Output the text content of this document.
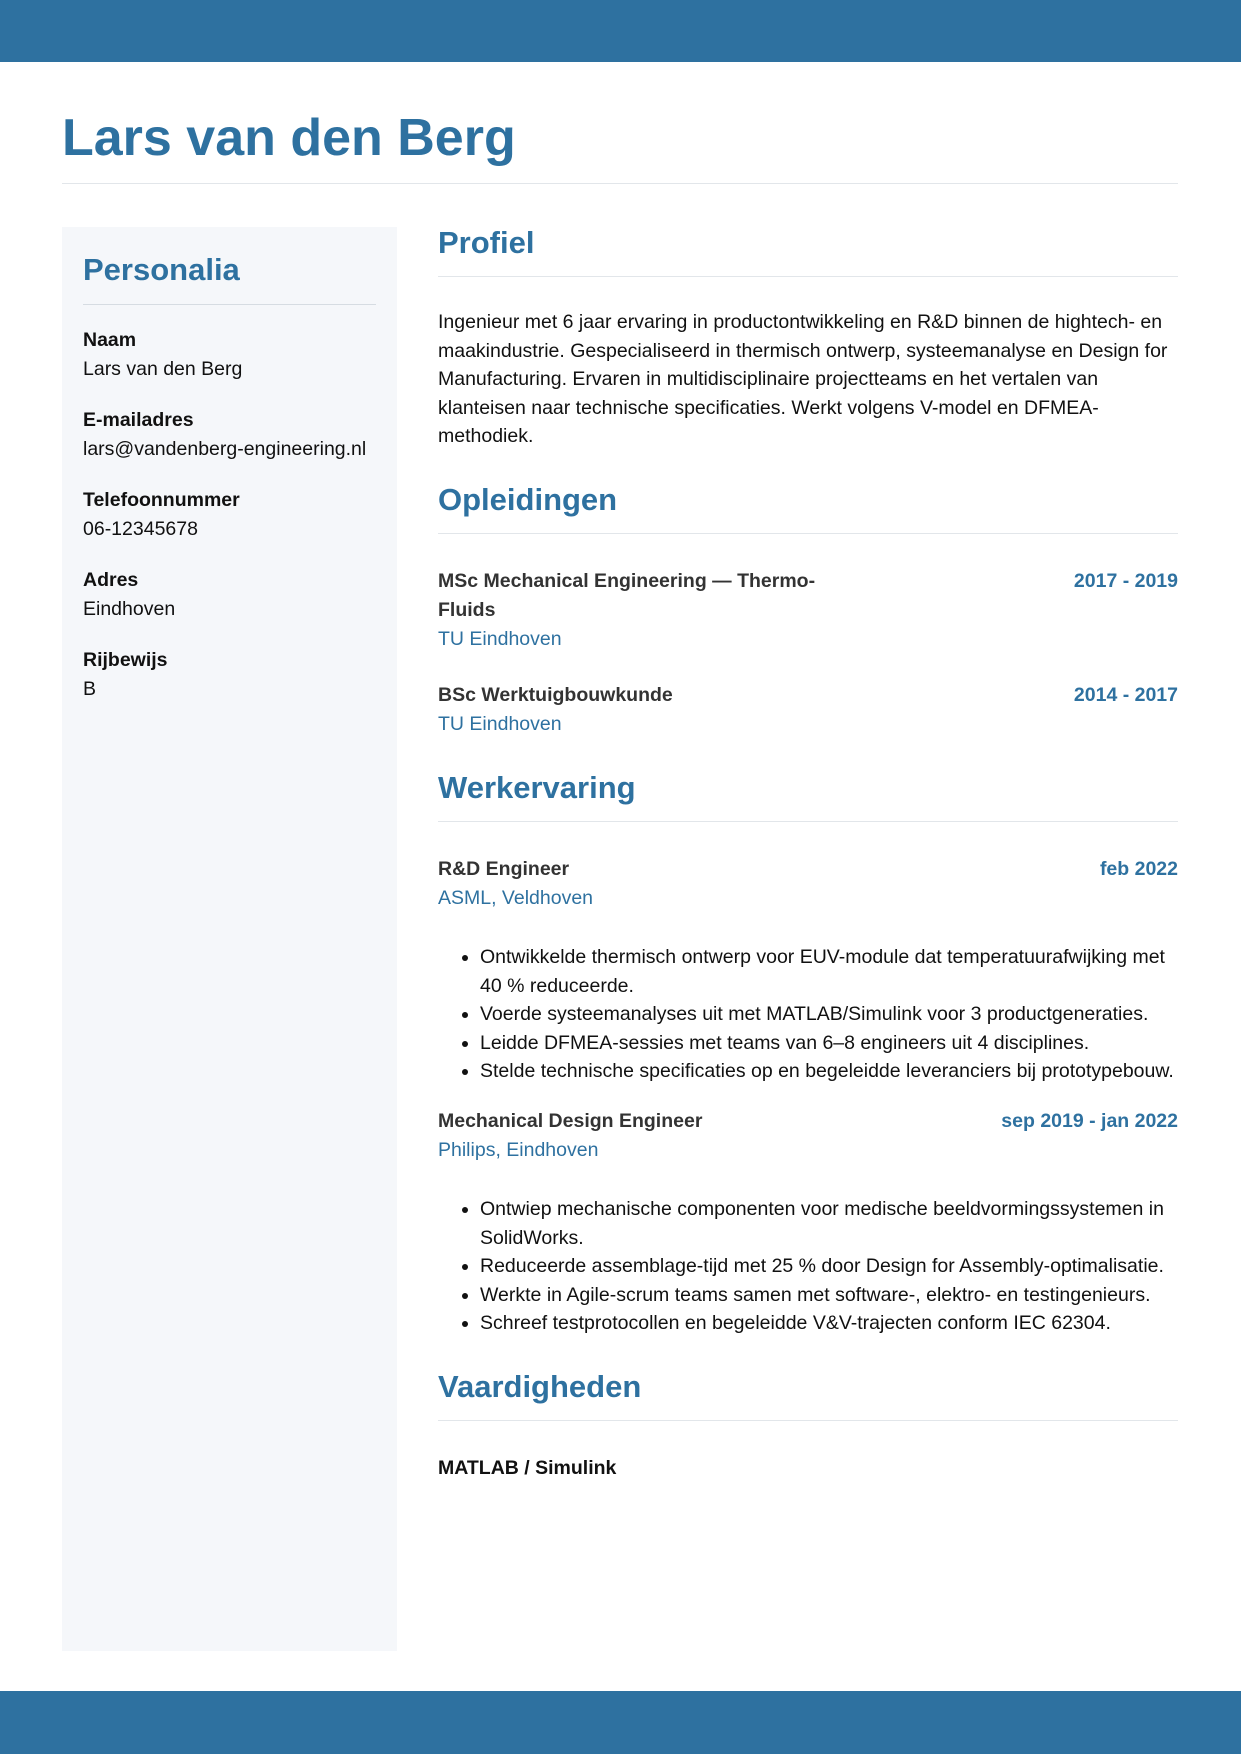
Lars van den Berg
Personalia
Naam
Lars van den Berg
E-mailadres
lars@vandenberg-engineering.nl
Telefoonnummer
06-12345678
Adres
Eindhoven
Rijbewijs
B
Profiel

Ingenieur met 6 jaar ervaring in productontwikkeling en R&D binnen de hightech- en maakindustrie. Gespecialiseerd in thermisch ontwerp, systeemanalyse en Design for Manufacturing. Ervaren in multidisciplinaire projectteams en het vertalen van klanteisen naar technische specificaties. Werkt volgens V-model en DFMEA-methodiek.

Opleidingen
MSc Mechanical Engineering — Thermo-Fluids
2017 - 2019
TU Eindhoven
BSc Werktuigbouwkunde	2014 - 2017
TU Eindhoven
Werkervaring
R&D Engineer	feb 2022
ASML, Veldhoven
• Ontwikkelde thermisch ontwerp voor EUV-module dat temperatuurafwijking met 40 % reduceerde.
• Voerde systeemanalyses uit met MATLAB/Simulink voor 3 productgeneraties.
• Leidde DFMEA-sessies met teams van 6–8 engineers uit 4 disciplines.
• Stelde technische specificaties op en begeleidde leveranciers bij prototypebouw.
Mechanical Design Engineer	sep 2019 - jan 2022
Philips, Eindhoven
• Ontwiep mechanische componenten voor medische beeldvormingssystemen in SolidWorks.
• Reduceerde assemblage-tijd met 25 % door Design for Assembly-optimalisatie.
• Werkte in Agile-scrum teams samen met software-, elektro- en testingenieurs.
• Schreef testprotocollen en begeleidde V&V-trajecten conform IEC 62304.
Vaardigheden
MATLAB / Simulink
